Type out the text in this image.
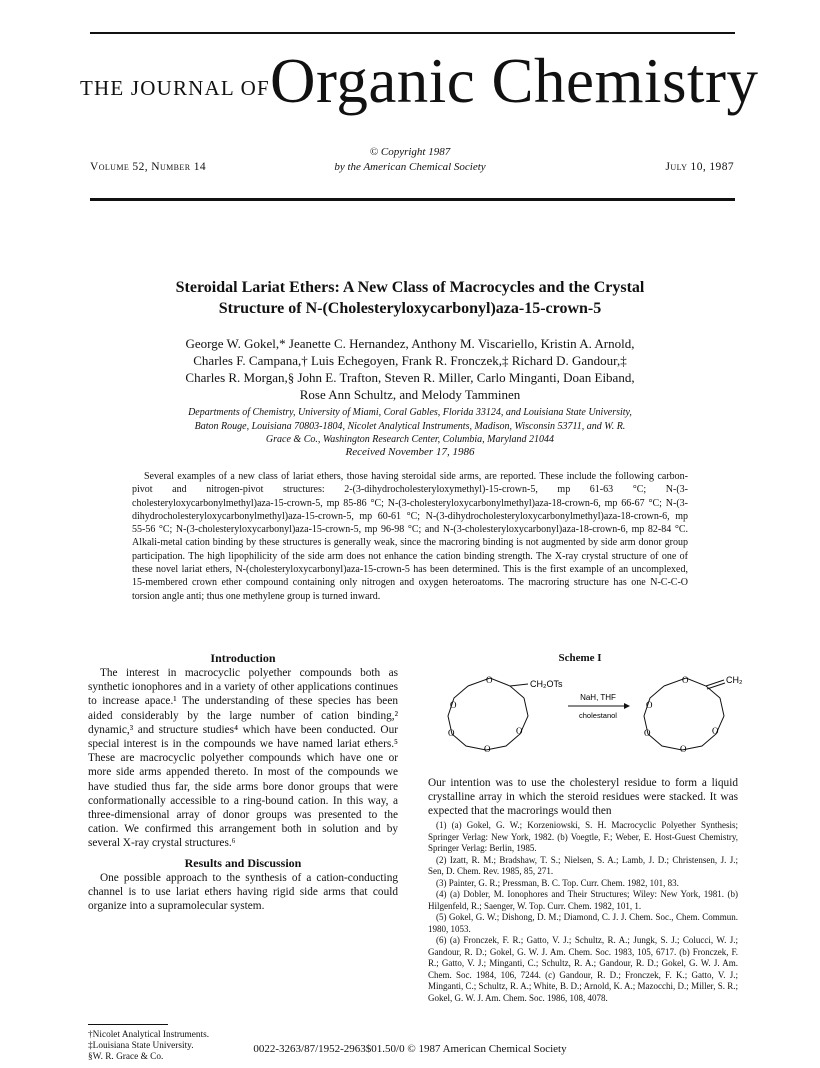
THE JOURNAL OF Organic Chemistry
Volume 52, Number 14
© Copyright 1987
by the American Chemical Society	July 10, 1987
Steroidal Lariat Ethers: A New Class of Macrocycles and the Crystal
Structure of N-(Cholesteryloxycarbonyl)aza-15-crown-5
George W. Gokel,* Jeanette C. Hernandez, Anthony M. Viscariello, Kristin A. Arnold,
Charles F. Campana,† Luis Echegoyen, Frank R. Fronczek,‡ Richard D. Gandour,‡
Charles R. Morgan,§ John E. Trafton, Steven R. Miller, Carlo Minganti, Doan Eiband,
Rose Ann Schultz, and Melody Tamminen
Departments of Chemistry, University of Miami, Coral Gables, Florida 33124, and Louisiana State University,
Baton Rouge, Louisiana 70803-1804, Nicolet Analytical Instruments, Madison, Wisconsin 53711, and W. R.
Grace & Co., Washington Research Center, Columbia, Maryland 21044
Received November 17, 1986
Several examples of a new class of lariat ethers, those having steroidal side arms, are reported. These include the following carbon-pivot and nitrogen-pivot structures: 2-(3-dihydrocholesteryloxymethyl)-15-crown-5, mp 61-63 °C; N-(3-cholesteryloxycarbonylmethyl)aza-15-crown-5, mp 85-86 °C; N-(3-cholesteryloxycarbonylmethyl)aza-18-crown-6, mp 66-67 °C; N-(3-dihydrocholesteryloxycarbonylmethyl)aza-15-crown-5, mp 60-61 °C; N-(3-dihydrocholesteryloxycarbonylmethyl)aza-18-crown-6, mp 55-56 °C; N-(3-cholesteryloxycarbonyl)aza-15-crown-5, mp 96-98 °C; and N-(3-cholesteryloxycarbonyl)aza-18-crown-6, mp 82-84 °C. Alkali-metal cation binding by these structures is generally weak, since the macroring binding is not augmented by side arm donor group participation. The high lipophilicity of the side arm does not enhance the cation binding strength. The X-ray crystal structure of one of these novel lariat ethers, N-(cholesteryloxycarbonyl)aza-15-crown-5 has been determined. This is the first example of an uncomplexed, 15-membered crown ether compound containing only nitrogen and oxygen heteroatoms. The macroring structure has one N-C-C-O torsion angle anti; thus one methylene group is turned inward.
Introduction

The interest in macrocyclic polyether compounds both as synthetic ionophores and in a variety of other applications continues to increase apace.¹ The understanding of these species has been aided considerably by the large number of cation binding,² dynamic,³ and structure studies⁴ which have been conducted. Our special interest is in the compounds we have named lariat ethers.⁵ These are macrocyclic polyether compounds which have one or more side arms appended thereto. In most of the compounds we have studied thus far, the side arms bore donor groups that were conformationally accessible to a ring-bound cation. In this way, a three-dimensional array of donor groups was presented to the cation. We confirmed this arrangement both in solution and by several X-ray crystal structures.⁶

Results and Discussion

One possible approach to the synthesis of a cation-conducting channel is to use lariat ethers having rigid side arms that could organize into a supramolecular system.

†Nicolet Analytical Instruments.
‡Louisiana State University.
§W. R. Grace & Co.
Scheme I
O
O
O
O
O
CH₂OTs
NaH, THF
cholestanol
O
O
O
O
O
CH₂

Our intention was to use the cholesteryl residue to form a liquid crystalline array in which the steroid residues were stacked. It was expected that the macrorings would then

(1) (a) Gokel, G. W.; Korzeniowski, S. H. Macrocyclic Polyether Synthesis; Springer Verlag: New York, 1982. (b) Voegtle, F.; Weber, E. Host-Guest Chemistry, Springer Verlag: Berlin, 1985.

(2) Izatt, R. M.; Bradshaw, T. S.; Nielsen, S. A.; Lamb, J. D.; Christensen, J. J.; Sen, D. Chem. Rev. 1985, 85, 271.

(3) Painter, G. R.; Pressman, B. C. Top. Curr. Chem. 1982, 101, 83.

(4) (a) Dobler, M. Ionophores and Their Structures; Wiley: New York, 1981. (b) Hilgenfeld, R.; Saenger, W. Top. Curr. Chem. 1982, 101, 1.

(5) Gokel, G. W.; Dishong, D. M.; Diamond, C. J. J. Chem. Soc., Chem. Commun. 1980, 1053.

(6) (a) Fronczek, F. R.; Gatto, V. J.; Schultz, R. A.; Jungk, S. J.; Colucci, W. J.; Gandour, R. D.; Gokel, G. W. J. Am. Chem. Soc. 1983, 105, 6717. (b) Fronczek, F. R.; Gatto, V. J.; Minganti, C.; Schultz, R. A.; Gandour, R. D.; Gokel, G. W. J. Am. Chem. Soc. 1984, 106, 7244. (c) Gandour, R. D.; Fronczek, F. K.; Gatto, V. J.; Minganti, C.; Schultz, R. A.; White, B. D.; Arnold, K. A.; Mazocchi, D.; Miller, S. R.; Gokel, G. W. J. Am. Chem. Soc. 1986, 108, 4078.

0022-3263/87/1952-2963$01.50/0 © 1987 American Chemical Society
